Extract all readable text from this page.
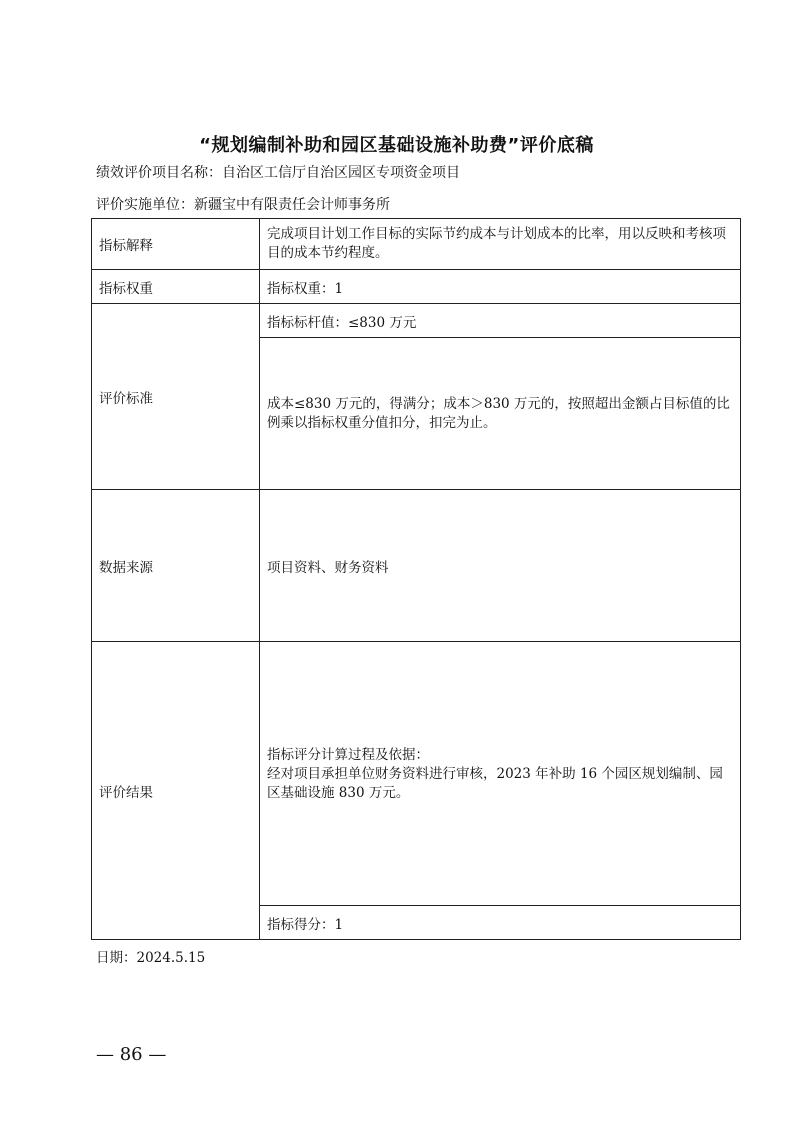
“规划编制补助和园区基础设施补助费”评价底稿
绩效评价项目名称：自治区工信厅自治区园区专项资金项目
评价实施单位：新疆宝中有限责任会计师事务所
指标解释	完成项目计划工作目标的实际节约成本与计划成本的比率，用以反映和考核项目的成本节约程度。
指标权重	指标权重：1
评价标准	指标标杆值：≤830 万元
	成本≤830 万元的，得满分；成本＞830 万元的，按照超出金额占目标值的比例乘以指标权重分值扣分，扣完为止。
数据来源	项目资料、财务资料
评价结果	指标评分计算过程及依据：
经对项目承担单位财务资料进行审核，2023 年补助 16 个园区规划编制、园区基础设施 830 万元。

	指标得分：1
日期：2024.5.15
— 86 —
